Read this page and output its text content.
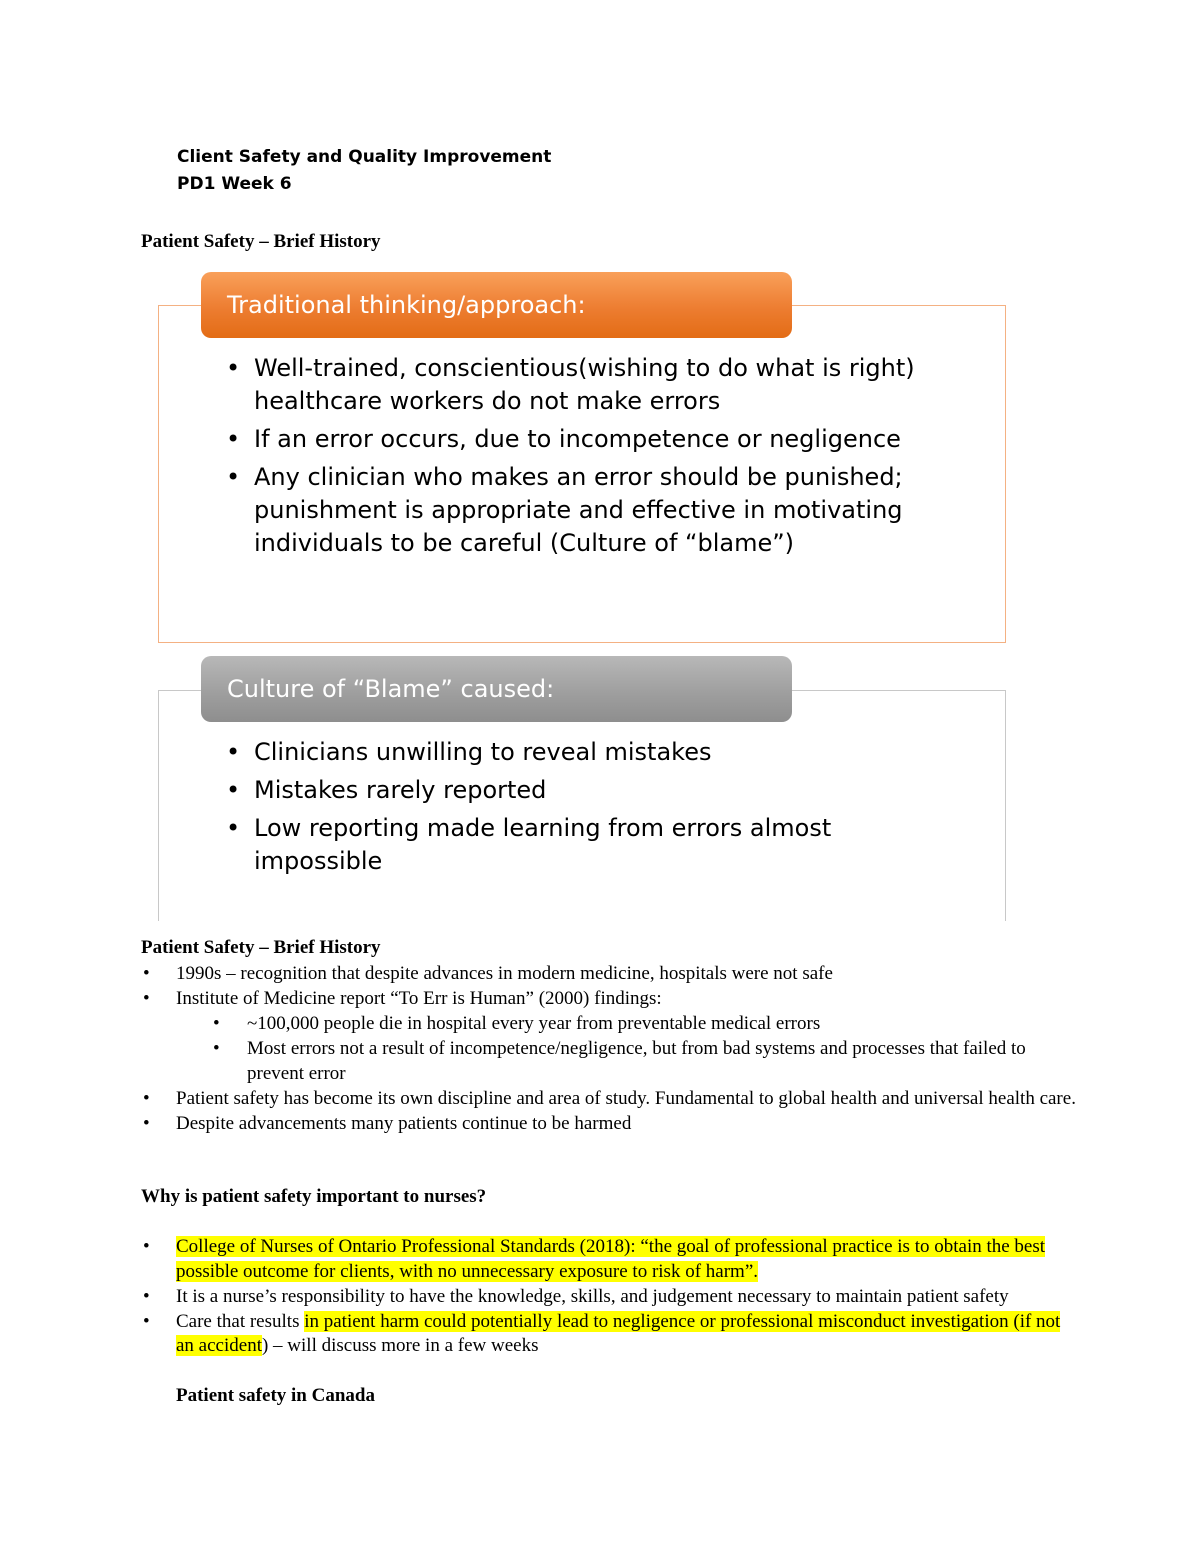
Client Safety and Quality Improvement
PD1 Week 6
Patient Safety – Brief History
Traditional thinking/approach:
• Well-trained, conscientious(wishing to do what is right) healthcare workers do not make errors
• If an error occurs, due to incompetence or negligence
• Any clinician who makes an error should be punished; punishment is appropriate and effective in motivating individuals to be careful (Culture of “blame”)
Culture of “Blame” caused:
• Clinicians unwilling to reveal mistakes
• Mistakes rarely reported
• Low reporting made learning from errors almost impossible
Patient Safety – Brief History
• 1990s – recognition that despite advances in modern medicine, hospitals were not safe
• Institute of Medicine report “To Err is Human” (2000) findings:
• ~100,000 people die in hospital every year from preventable medical errors
• Most errors not a result of incompetence/negligence, but from bad systems and processes that failed to prevent error
• Patient safety has become its own discipline and area of study. Fundamental to global health and universal health care.
• Despite advancements many patients continue to be harmed
Why is patient safety important to nurses?
• College of Nurses of Ontario Professional Standards (2018): “the goal of professional practice is to obtain the best possible outcome for clients, with no unnecessary exposure to risk of harm”.
• It is a nurse’s responsibility to have the knowledge, skills, and judgement necessary to maintain patient safety
• Care that results in patient harm could potentially lead to negligence or professional misconduct investigation (if not an accident) – will discuss more in a few weeks
Patient safety in Canada
